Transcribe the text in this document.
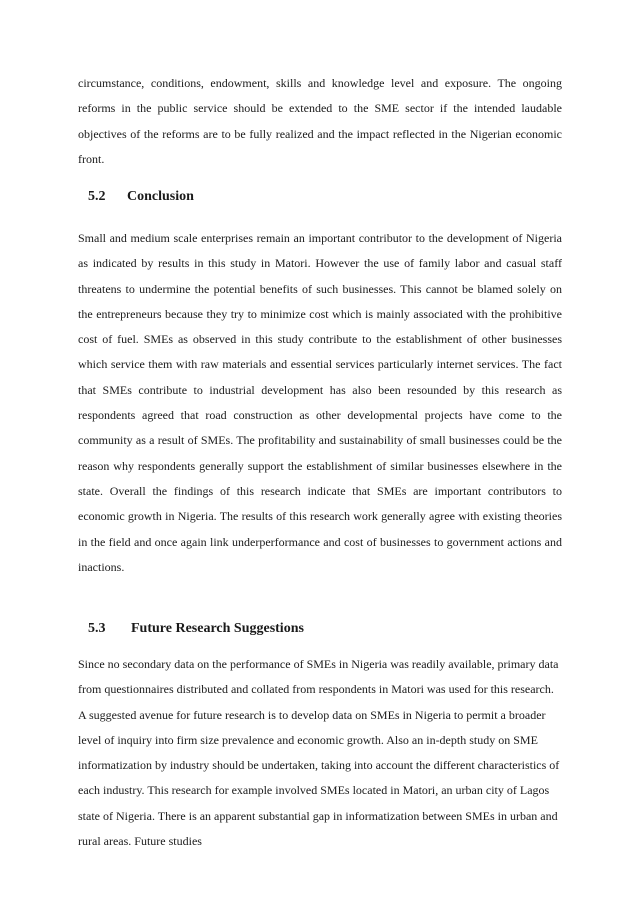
circumstance, conditions, endowment, skills and knowledge level and exposure. The ongoing reforms in the public service should be extended to the SME sector if the intended laudable objectives of the reforms are to be fully realized and the impact reflected in the Nigerian economic front.

5.2 Conclusion

Small and medium scale enterprises remain an important contributor to the development of Nigeria as indicated by results in this study in Matori. However the use of family labor and casual staff threatens to undermine the potential benefits of such businesses. This cannot be blamed solely on the entrepreneurs because they try to minimize cost which is mainly associated with the prohibitive cost of fuel. SMEs as observed in this study contribute to the establishment of other businesses which service them with raw materials and essential services particularly internet services. The fact that SMEs contribute to industrial development has also been resounded by this research as respondents agreed that road construction as other developmental projects have come to the community as a result of SMEs. The profitability and sustainability of small businesses could be the reason why respondents generally support the establishment of similar businesses elsewhere in the state. Overall the findings of this research indicate that SMEs are important contributors to economic growth in Nigeria. The results of this research work generally agree with existing theories in the field and once again link underperformance and cost of businesses to government actions and inactions.

5.3 Future Research Suggestions

Since no secondary data on the performance of SMEs in Nigeria was readily available, primary data from questionnaires distributed and collated from respondents in Matori was used for this research. A suggested avenue for future research is to develop data on SMEs in Nigeria to permit a broader level of inquiry into firm size prevalence and economic growth. Also an in-depth study on SME informatization by industry should be undertaken, taking into account the different characteristics of each industry. This research for example involved SMEs located in Matori, an urban city of Lagos state of Nigeria. There is an apparent substantial gap in informatization between SMEs in urban and rural areas. Future studies
